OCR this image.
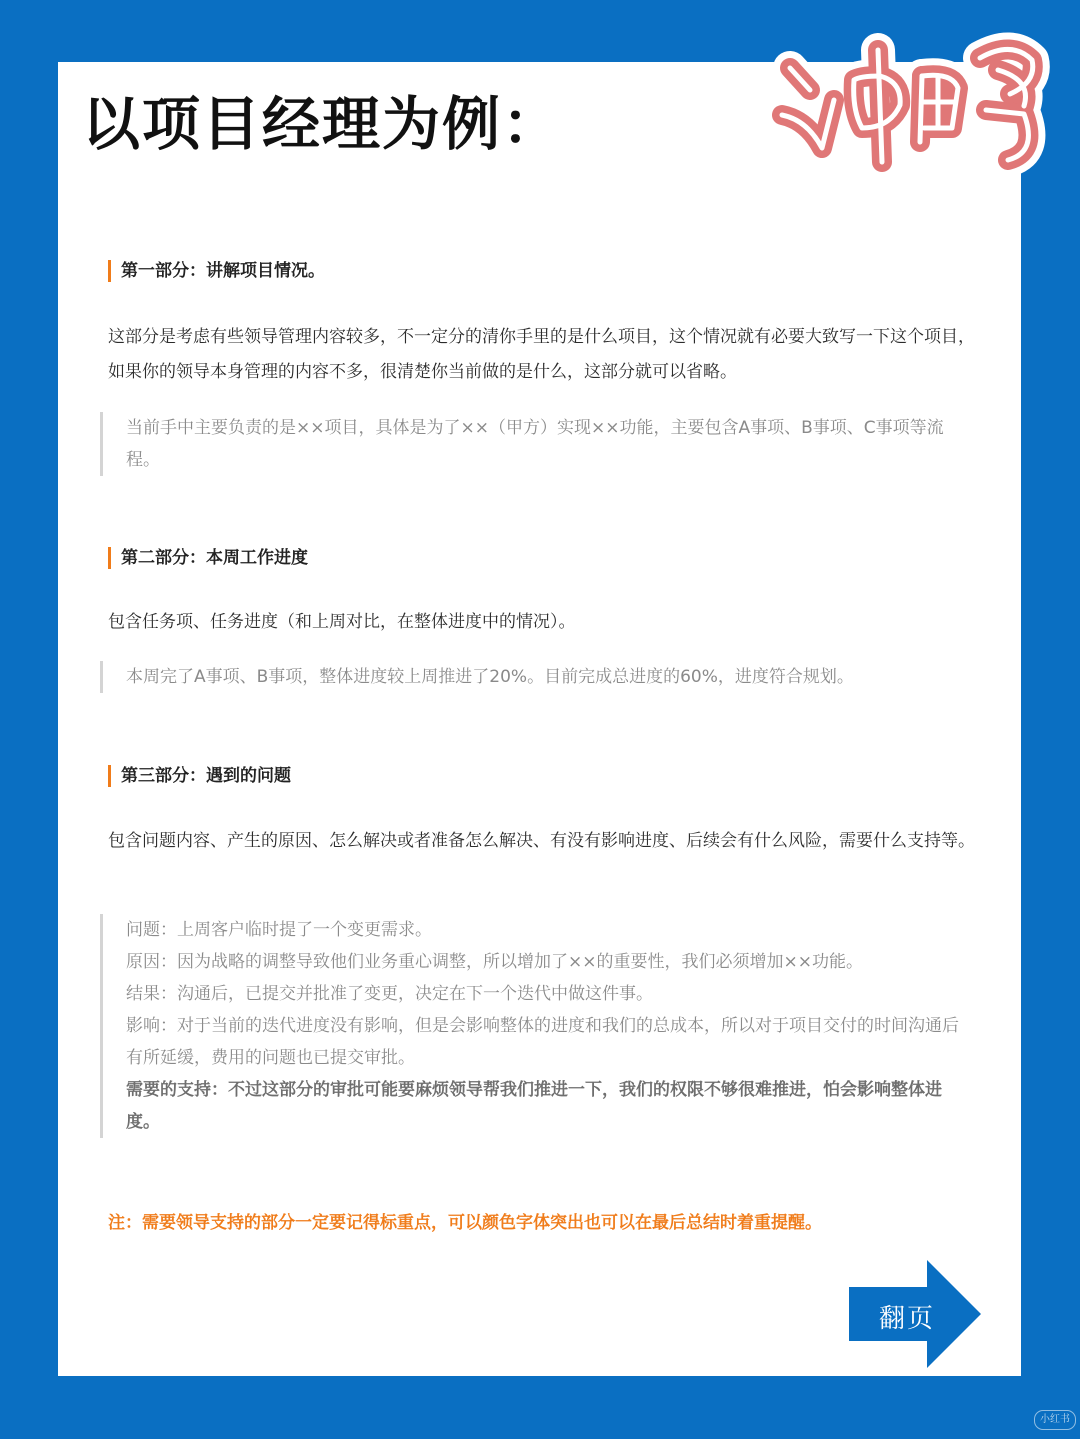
以项目经理为例：
第一部分：讲解项目情况。

这部分是考虑有些领导管理内容较多，不一定分的清你手里的是什么项目，这个情况就有必要大致写一下这个项目，如果你的领导本身管理的内容不多，很清楚你当前做的是什么，这部分就可以省略。

当前手中主要负责的是××项目，具体是为了××（甲方）实现××功能，主要包含A事项、B事项、C事项等流程。

第二部分：本周工作进度

包含任务项、任务进度（和上周对比，在整体进度中的情况）。

本周完了A事项、B事项，整体进度较上周推进了20%。目前完成总进度的60%，进度符合规划。

第三部分：遇到的问题

包含问题内容、产生的原因、怎么解决或者准备怎么解决、有没有影响进度、后续会有什么风险，需要什么支持等。

问题：上周客户临时提了一个变更需求。

原因：因为战略的调整导致他们业务重心调整，所以增加了××的重要性，我们必须增加××功能。

结果：沟通后，已提交并批准了变更，决定在下一个迭代中做这件事。

影响：对于当前的迭代进度没有影响，但是会影响整体的进度和我们的总成本，所以对于项目交付的时间沟通后有所延缓，费用的问题也已提交审批。

需要的支持：不过这部分的审批可能要麻烦领导帮我们推进一下，我们的权限不够很难推进，怕会影响整体进度。

注：需要领导支持的部分一定要记得标重点，可以颜色字体突出也可以在最后总结时着重提醒。

翻页
小红书
